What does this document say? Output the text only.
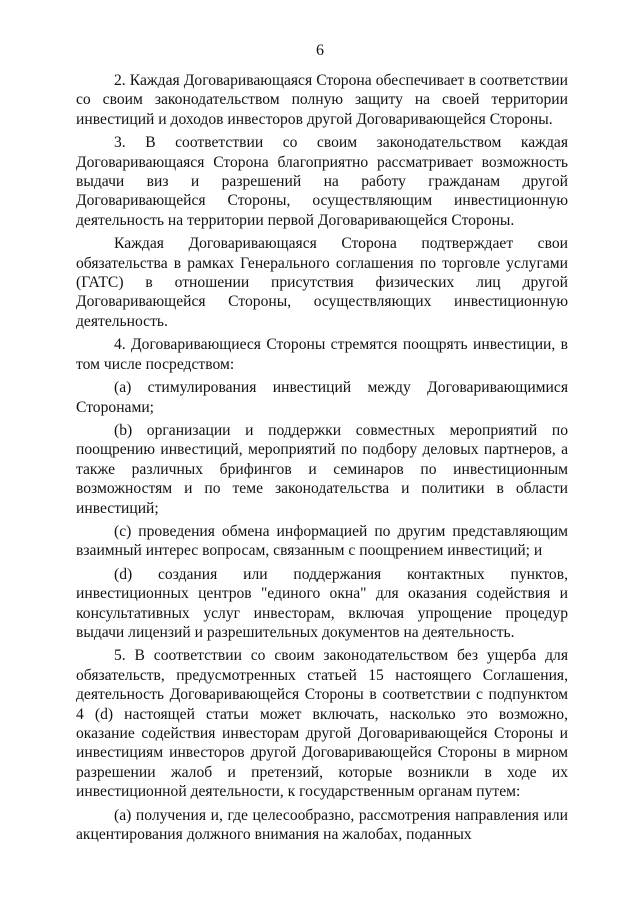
6

2. Каждая Договаривающаяся Сторона обеспечивает в соответствии со своим законодательством полную защиту на своей территории инвестиций и доходов инвесторов другой Договаривающейся Стороны.

3. В соответствии со своим законодательством каждая Договаривающаяся Сторона благоприятно рассматривает возможность выдачи виз и разрешений на работу гражданам другой Договаривающейся Стороны, осуществляющим инвестиционную деятельность на территории первой Договаривающейся Стороны.

Каждая Договаривающаяся Сторона подтверждает свои обязательства в рамках Генерального соглашения по торговле услугами (ГАТС) в отношении присутствия физических лиц другой Договаривающейся Стороны, осуществляющих инвестиционную деятельность.

4. Договаривающиеся Стороны стремятся поощрять инвестиции, в том числе посредством:

(a) стимулирования инвестиций между Договаривающимися Сторонами;

(b) организации и поддержки совместных мероприятий по поощрению инвестиций, мероприятий по подбору деловых партнеров, а также различных брифингов и семинаров по инвестиционным возможностям и по теме законодательства и политики в области инвестиций;

(c) проведения обмена информацией по другим представляющим взаимный интерес вопросам, связанным с поощрением инвестиций; и

(d) создания или поддержания контактных пунктов, инвестиционных центров "единого окна" для оказания содействия и консультативных услуг инвесторам, включая упрощение процедур выдачи лицензий и разрешительных документов на деятельность.

5. В соответствии со своим законодательством без ущерба для обязательств, предусмотренных статьей 15 настоящего Соглашения, деятельность Договаривающейся Стороны в соответствии с подпунктом 4 (d) настоящей статьи может включать, насколько это возможно, оказание содействия инвесторам другой Договаривающейся Стороны и инвестициям инвесторов другой Договаривающейся Стороны в мирном разрешении жалоб и претензий, которые возникли в ходе их инвестиционной деятельности, к государственным органам путем:

(a) получения и, где целесообразно, рассмотрения направления или акцентирования должного внимания на жалобах, поданных
